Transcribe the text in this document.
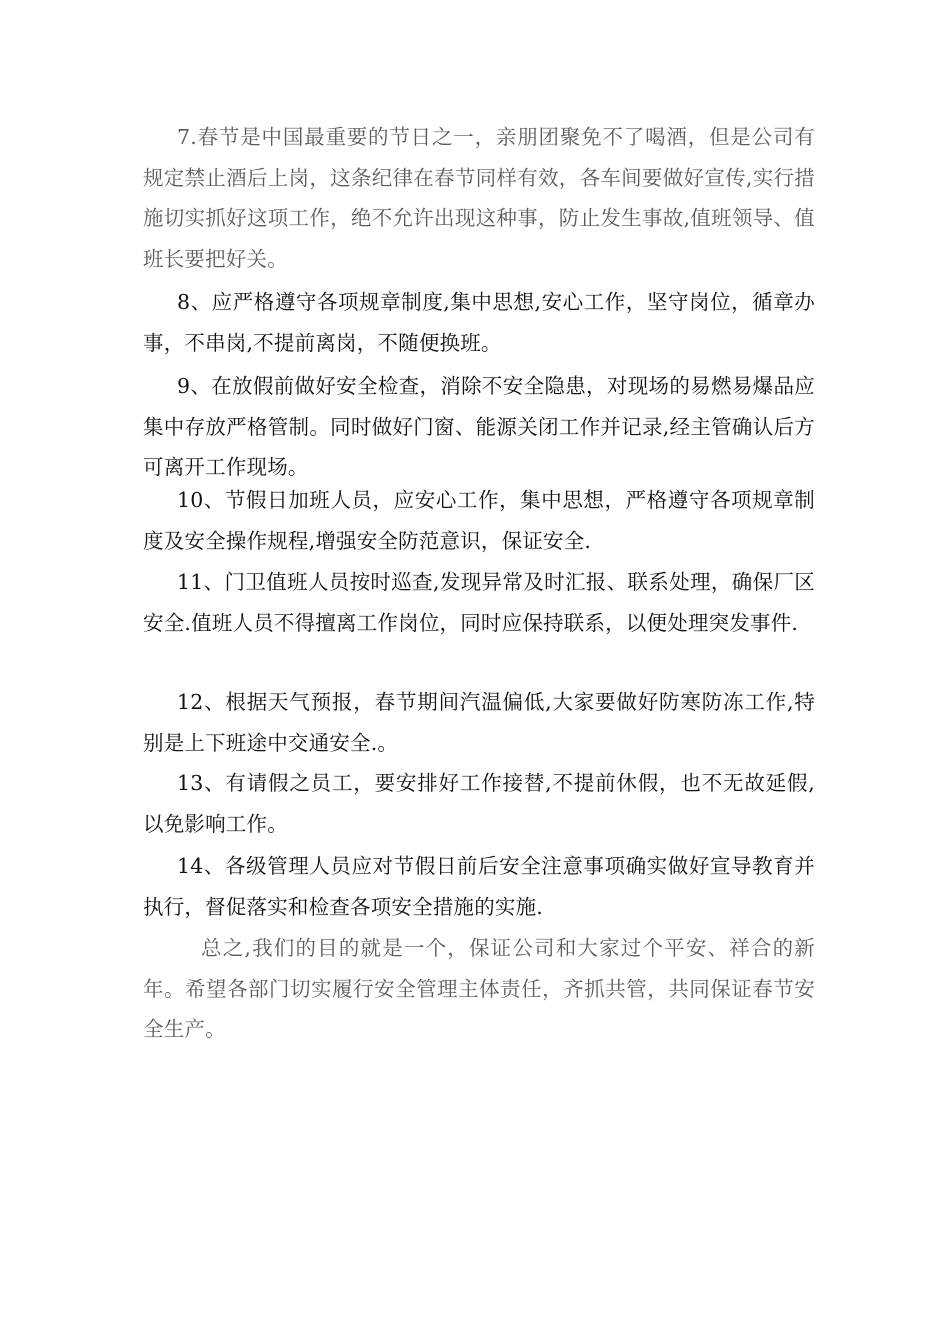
7.春节是中国最重要的节日之一，亲朋团聚免不了喝酒，但是公司有规定禁止酒后上岗，这条纪律在春节同样有效，各车间要做好宣传,实行措施切实抓好这项工作，绝不允许出现这种事，防止发生事故,值班领导、值班长要把好关。

8、应严格遵守各项规章制度,集中思想,安心工作，坚守岗位，循章办事，不串岗,不提前离岗，不随便换班。

9、在放假前做好安全检查，消除不安全隐患，对现场的易燃易爆品应集中存放严格管制。同时做好门窗、能源关闭工作并记录,经主管确认后方可离开工作现场。

10、节假日加班人员，应安心工作，集中思想，严格遵守各项规章制度及安全操作规程,增强安全防范意识，保证安全.

11、门卫值班人员按时巡查,发现异常及时汇报、联系处理，确保厂区安全.值班人员不得擅离工作岗位，同时应保持联系，以便处理突发事件.

12、根据天气预报，春节期间汽温偏低,大家要做好防寒防冻工作,特别是上下班途中交通安全.。

13、有请假之员工，要安排好工作接替,不提前休假，也不无故延假,以免影响工作。

14、各级管理人员应对节假日前后安全注意事项确实做好宣导教育并执行，督促落实和检查各项安全措施的实施.

总之,我们的目的就是一个，保证公司和大家过个平安、祥合的新年。希望各部门切实履行安全管理主体责任，齐抓共管，共同保证春节安全生产。
